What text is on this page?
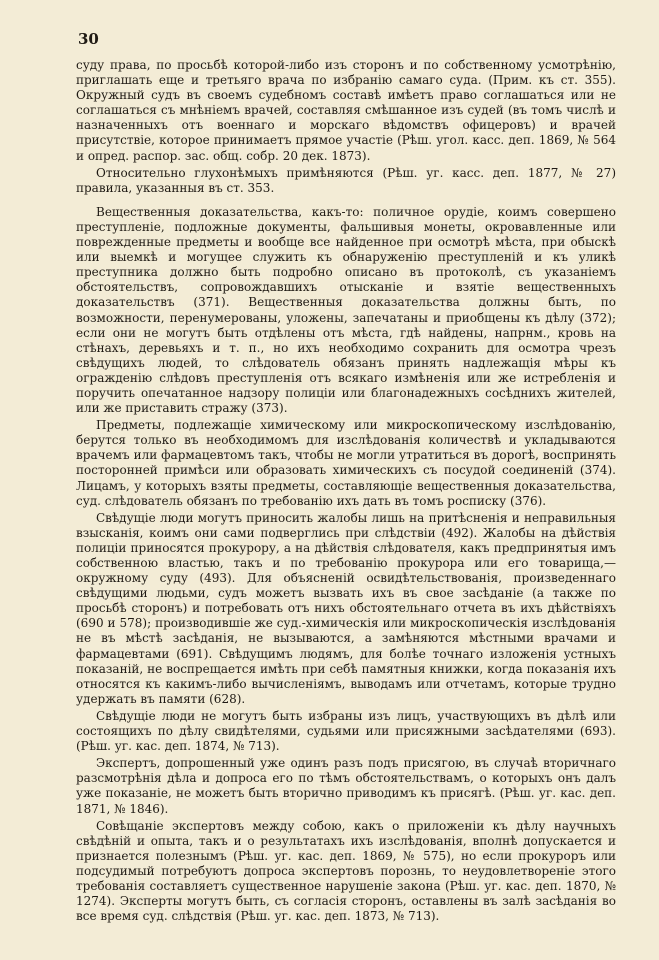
30

суду права, по просьбѣ которой-либо изъ сторонъ и по собственному усмотрѣнію, приглашать еще и третьяго врача по избранію самаго суда. (Прим. къ ст. 355). Окружный судъ въ своемъ судебномъ составѣ имѣетъ право соглашаться или не соглашаться съ мнѣніемъ врачей, составляя смѣшанное изъ судей (въ томъ числѣ и назначенныхъ отъ военнаго и морскаго вѣдомствъ офицеровъ) и врачей присутствіе, которое принимаетъ прямое участіе (Рѣш. угол. касс. деп. 1869, № 564 и опред. распор. зас. общ. собр. 20 дек. 1873).

Относительно глухонѣмыхъ примѣняются (Рѣш. уг. касс. деп. 1877, № 27) правила, указанныя въ ст. 353.

Вещественныя доказательства, какъ-то: поличное орудіе, коимъ совершено преступленіе, подложные документы, фальшивыя монеты, окровавленные или поврежденные предметы и вообще все найденное при осмотрѣ мѣста, при обыскѣ или выемкѣ и могущее служить къ обнаруженію преступленій и къ уликѣ преступника должно быть подробно описано въ протоколѣ, съ указаніемъ обстоятельствъ, сопровождавшихъ отысканіе и взятіе вещественныхъ доказательствъ (371). Вещественныя доказательства должны быть, по возможности, перенумерованы, уложены, запечатаны и приобщены къ дѣлу (372); если они не могутъ быть отдѣлены отъ мѣста, гдѣ найдены, напрнм., кровь на стѣнахъ, деревьяхъ и т. п., но ихъ необходимо сохранить для осмотра чрезъ свѣдущихъ людей, то слѣдователь обязанъ принять надлежащія мѣры къ огражденію слѣдовъ преступленія отъ всякаго измѣненія или же истребленія и поручить опечатанное надзору полиціи или благонадежныхъ сосѣднихъ жителей, или же приставить стражу (373).

Предметы, подлежащіе химическому или микроскопическому изслѣдованію, берутся только въ необходимомъ для изслѣдованія количествѣ и укладываются врачемъ или фармацевтомъ такъ, чтобы не могли утратиться въ дорогѣ, воспринять посторонней примѣси или образовать химическихъ съ посудой соединеній (374). Лицамъ, у которыхъ взяты предметы, составляющіе вещественныя доказательства, суд. слѣдователь обязанъ по требованію ихъ дать въ томъ росписку (376).

Свѣдущіе люди могутъ приносить жалобы лишь на притѣсненія и неправильныя взысканія, коимъ они сами подверглись при слѣдствіи (492). Жалобы на дѣйствія полиціи приносятся прокурору, а на дѣйствія слѣдователя, какъ предпринятыя имъ собственною властью, такъ и по требованію прокурора или его товарища,—окружному суду (493). Для объясненій освидѣтельствованія, произведеннаго свѣдущими людьми, судъ можетъ вызвать ихъ въ свое засѣданіе (а также по просьбѣ сторонъ) и потребовать отъ нихъ обстоятельнаго отчета въ ихъ дѣйствіяхъ (690 и 578); производившіе же суд.-химическія или микроскопическія изслѣдованія не въ мѣстѣ засѣданія, не вызываются, а замѣняются мѣстными врачами и фармацевтами (691). Свѣдущимъ людямъ, для болѣе точнаго изложенія устныхъ показаній, не воспрещается имѣть при себѣ памятныя книжки, когда показанія ихъ относятся къ какимъ-либо вычисленіямъ, выводамъ или отчетамъ, которые трудно удержать въ памяти (628).

Свѣдущіе люди не могутъ быть избраны изъ лицъ, участвующихъ въ дѣлѣ или состоящихъ по дѣлу свидѣтелями, судьями или присяжными засѣдателями (693). (Рѣш. уг. кас. деп. 1874, № 713).

Экспертъ, допрошенный уже одинъ разъ подъ присягою, въ случаѣ вторичнаго разсмотрѣнія дѣла и допроса его по тѣмъ обстоятельствамъ, о которыхъ онъ далъ уже показаніе, не можетъ быть вторично приводимъ къ присягѣ. (Рѣш. уг. кас. деп. 1871, № 1846).

Совѣщаніе экспертовъ между собою, какъ о приложеніи къ дѣлу научныхъ свѣдѣній и опыта, такъ и о результатахъ ихъ изслѣдованія, вполнѣ допускается и признается полезнымъ (Рѣш. уг. кас. деп. 1869, № 575), но если прокуроръ или подсудимый потребуютъ допроса экспертовъ порознь, то неудовлетвореніе этого требованія составляетъ существенное нарушеніе закона (Рѣш. уг. кас. деп. 1870, № 1274). Эксперты могутъ быть, съ согласія сторонъ, оставлены въ залѣ засѣданія во все время суд. слѣдствія (Рѣш. уг. кас. деп. 1873, № 713).
